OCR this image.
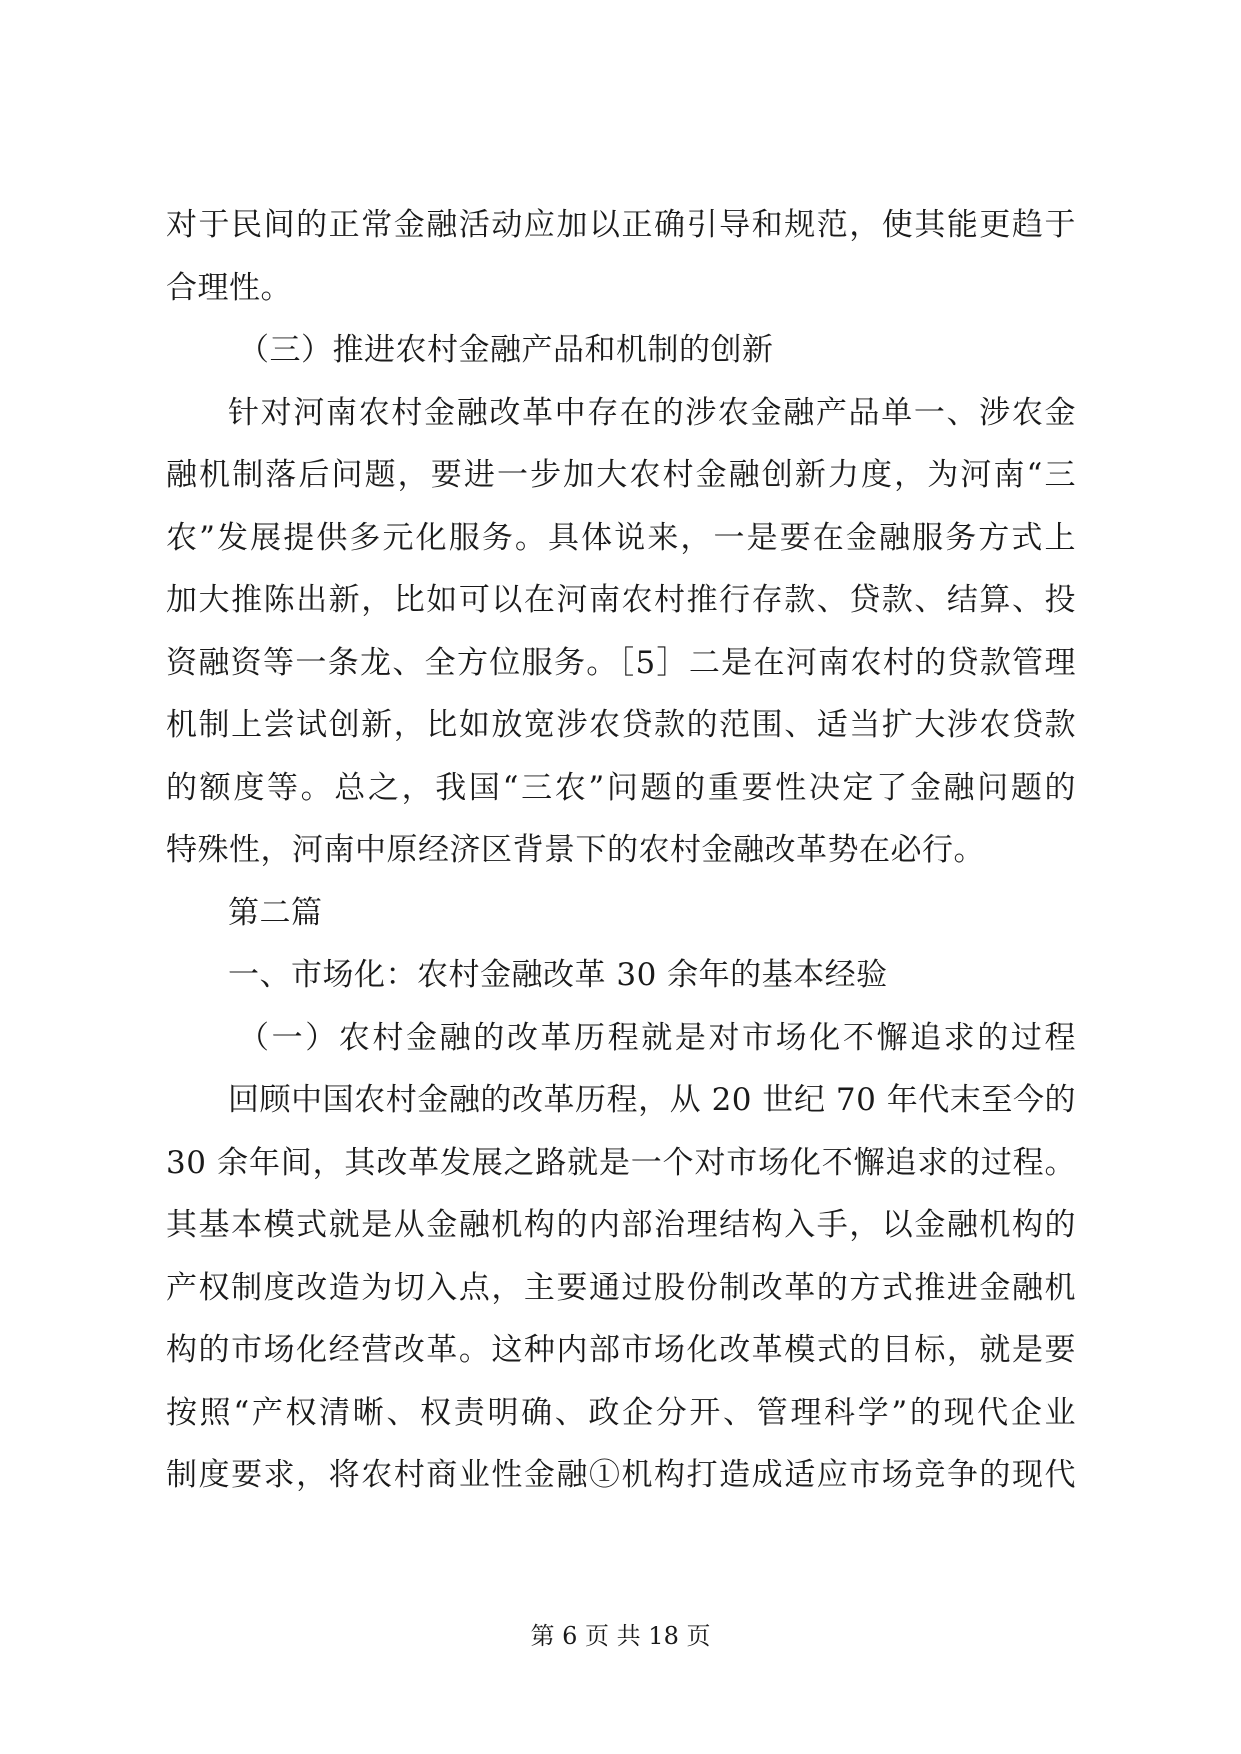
对于民间的正常金融活动应加以正确引导和规范，使其能更趋于
合理性。
（三）推进农村金融产品和机制的创新
针对河南农村金融改革中存在的涉农金融产品单一、涉农金
融机制落后问题，要进一步加大农村金融创新力度，为河南“三
农”发展提供多元化服务。具体说来，一是要在金融服务方式上
加大推陈出新，比如可以在河南农村推行存款、贷款、结算、投
资融资等一条龙、全方位服务。［5］二是在河南农村的贷款管理
机制上尝试创新，比如放宽涉农贷款的范围、适当扩大涉农贷款
的额度等。总之，我国“三农”问题的重要性决定了金融问题的
特殊性，河南中原经济区背景下的农村金融改革势在必行。
第二篇
一、市场化：农村金融改革 30 余年的基本经验
（一）农村金融的改革历程就是对市场化不懈追求的过程
回顾中国农村金融的改革历程，从 20 世纪 70 年代末至今的
30 余年间，其改革发展之路就是一个对市场化不懈追求的过程。
其基本模式就是从金融机构的内部治理结构入手，以金融机构的
产权制度改造为切入点，主要通过股份制改革的方式推进金融机
构的市场化经营改革。这种内部市场化改革模式的目标，就是要
按照“产权清晰、权责明确、政企分开、管理科学”的现代企业
制度要求，将农村商业性金融①机构打造成适应市场竞争的现代
第 6 页 共 18 页
